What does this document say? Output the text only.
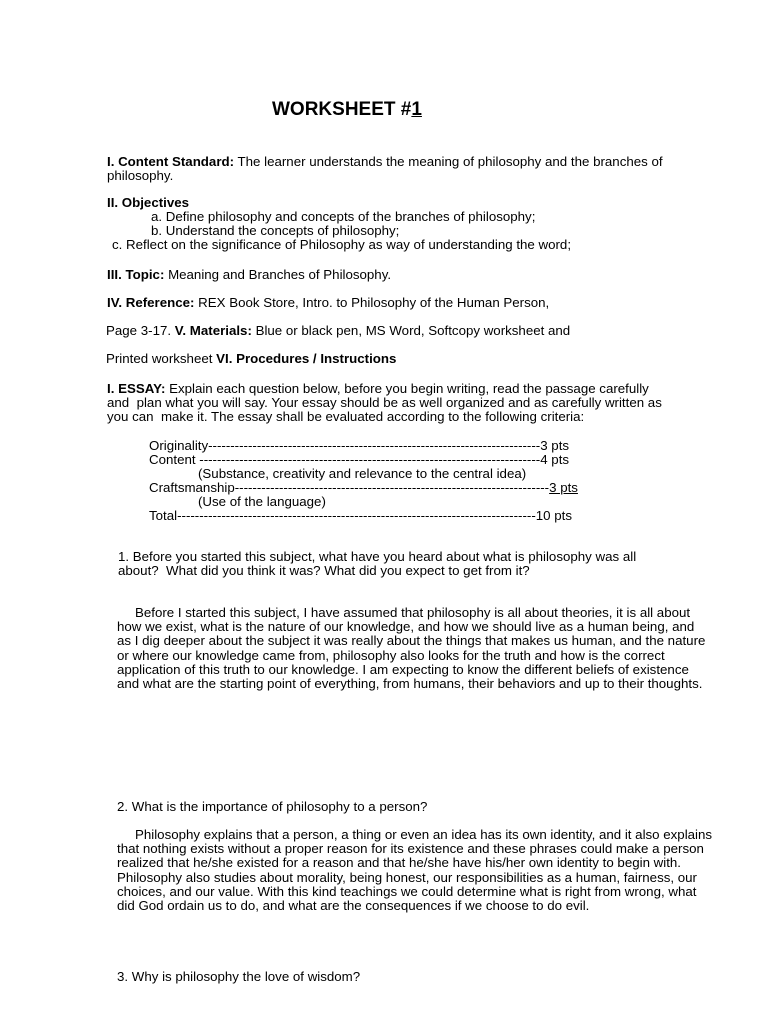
WORKSHEET #1
I. Content Standard: The learner understands the meaning of philosophy and the branches of  philosophy.
II. Objectives
a. Define philosophy and concepts of the branches of philosophy;
b. Understand the concepts of philosophy;
c. Reflect on the significance of Philosophy as way of understanding the word;
III. Topic: Meaning and Branches of Philosophy.
IV. Reference: REX Book Store, Intro. to Philosophy of the Human Person,
Page 3-17. V. Materials: Blue or black pen, MS Word, Softcopy worksheet and
Printed worksheet VI. Procedures / Instructions
I. ESSAY: Explain each question below, before you begin writing, read the passage carefully and  plan what you will say. Your essay should be as well organized and as carefully written as you can  make it. The essay shall be evaluated according to the following criteria:
Originality---------------------------------------------------------------------------3 pts
Content -----------------------------------------------------------------------------4 pts
(Substance, creativity and relevance to the central idea)
Craftsmanship-----------------------------------------------------------------------3 pts
(Use of the language)
Total---------------------------------------------------------------------------------10 pts
1. Before you started this subject, what have you heard about what is philosophy was all about?  What did you think it was? What did you expect to get from it?
Before I started this subject, I have assumed that philosophy is all about theories, it is all about how we exist, what is the nature of our knowledge, and how we should live as a human being, and as I dig deeper about the subject it was really about the things that makes us human, and the nature or where our knowledge came from, philosophy also looks for the truth and how is the correct application of this truth to our knowledge. I am expecting to know the different beliefs of existence and what are the starting point of everything, from humans, their behaviors and up to their thoughts.
2. What is the importance of philosophy to a person?
Philosophy explains that a person, a thing or even an idea has its own identity, and it also explains that nothing exists without a proper reason for its existence and these phrases could make a person realized that he/she existed for a reason and that he/she have his/her own identity to begin with. Philosophy also studies about morality, being honest, our responsibilities as a human, fairness, our choices, and our value. With this kind teachings we could determine what is right from wrong, what did God ordain us to do, and what are the consequences if we choose to do evil.
3. Why is philosophy the love of wisdom?
